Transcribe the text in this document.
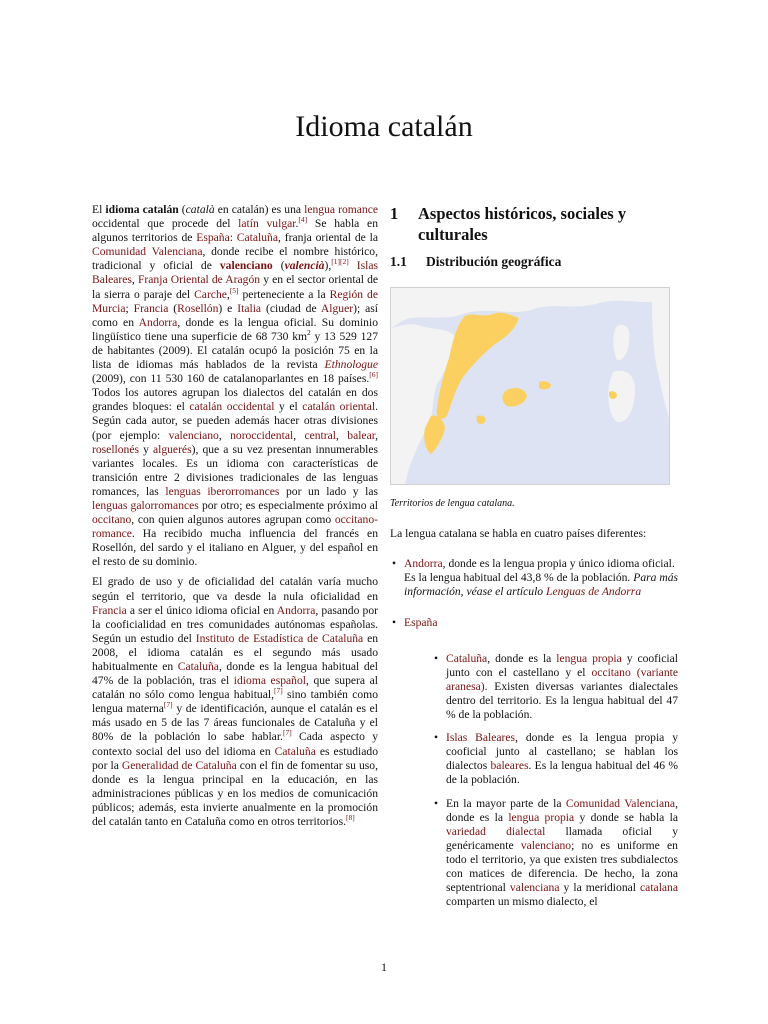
Idioma catalán

El idioma catalán (català en catalán) es una lengua romance occidental que procede del latín vulgar.[4] Se habla en algunos territorios de España: Cataluña, franja oriental de la Comunidad Valenciana, donde recibe el nombre histórico, tradicional y oficial de valenciano (valencià),[1][2] Islas Baleares, Franja Oriental de Aragón y en el sector oriental de la sierra o paraje del Carche,[5] perteneciente a la Región de Murcia; Francia (Rosellón) e Italia (ciudad de Alguer); así como en Andorra, donde es la lengua oficial. Su dominio lingüístico tiene una superficie de 68 730 $km^2$ y 13 529 127 de habitantes (2009). El catalán ocupó la posición 75 en la lista de idiomas más hablados de la revista Ethnologue (2009), con 11 530 160 de catalanoparlantes en 18 países.[6] Todos los autores agrupan los dialectos del catalán en dos grandes bloques: el catalán occidental y el catalán oriental. Según cada autor, se pueden además hacer otras divisiones (por ejemplo: valenciano, noroccidental, central, balear, rosellonés y alguerés), que a su vez presentan innumerables variantes locales. Es un idioma con características de transición entre 2 divisiones tradicionales de las lenguas romances, las lenguas iberorromances por un lado y las lenguas galorromances por otro; es especialmente próximo al occitano, con quien algunos autores agrupan como occitano-romance. Ha recibido mucha influencia del francés en Rosellón, del sardo y el italiano en Alguer, y del español en el resto de su dominio.

El grado de uso y de oficialidad del catalán varía mucho según el territorio, que va desde la nula oficialidad en Francia a ser el único idioma oficial en Andorra, pasando por la cooficialidad en tres comunidades autónomas españolas. Según un estudio del Instituto de Estadística de Cataluña en 2008, el idioma catalán es el segundo más usado habitualmente en Cataluña, donde es la lengua habitual del 47% de la población, tras el idioma español, que supera al catalán no sólo como lengua habitual,[7] sino también como lengua materna[7] y de identificación, aunque el catalán es el más usado en 5 de las 7 áreas funcionales de Cataluña y el 80% de la población lo sabe hablar.[7] Cada aspecto y contexto social del uso del idioma en Cataluña es estudiado por la Generalidad de Cataluña con el fin de fomentar su uso, donde es la lengua principal en la educación, en las administraciones públicas y en los medios de comunicación públicos; además, esta invierte anualmente en la promoción del catalán tanto en Cataluña como en otros territorios.[8]

1	Aspectos históricos, sociales y culturales
1.1	Distribución geográfica
Territorios de lengua catalana.
La lengua catalana se habla en cuatro países diferentes:
• Andorra, donde es la lengua propia y único idioma oficial. Es la lengua habitual del 43,8 % de la población. Para más información, véase el artículo Lenguas de Andorra
• España
• Cataluña, donde es la lengua propia y cooficial junto con el castellano y el occitano (variante aranesa). Existen diversas variantes dialectales dentro del territorio. Es la lengua habitual del 47 % de la población.
• Islas Baleares, donde es la lengua propia y cooficial junto al castellano; se hablan los dialectos baleares. Es la lengua habitual del 46 % de la población.
• En la mayor parte de la Comunidad Valenciana, donde es la lengua propia y donde se habla la variedad dialectal llamada oficial y genéricamente valenciano; no es uniforme en todo el territorio, ya que existen tres subdialectos con matices de diferencia. De hecho, la zona septentrional valenciana y la meridional catalana comparten un mismo dialecto, el
1
